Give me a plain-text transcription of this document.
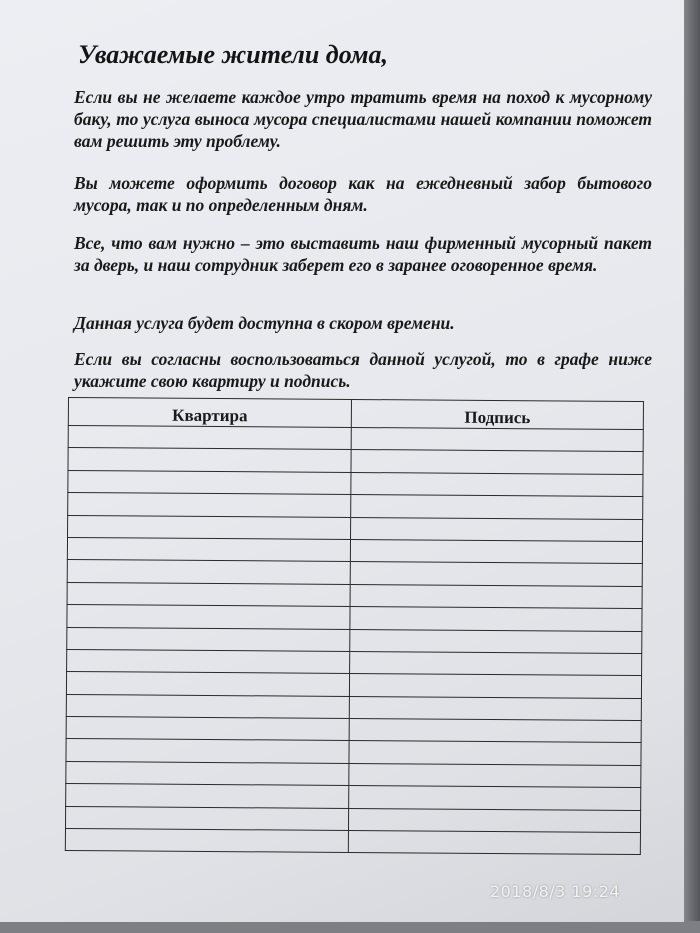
Уважаемые жители дома,

Если вы не желаете каждое утро тратить время на поход к мусорному баку, то услуга выноса мусора специалистами нашей компании поможет вам решить эту проблему.

Вы можете оформить договор как на ежедневный забор бытового мусора, так и по определенным дням.

Все, что вам нужно – это выставить наш фирменный мусорный пакет за дверь, и наш сотрудник заберет его в заранее оговоренное время.

Данная услуга будет доступна в скором времени.

Если вы согласны воспользоваться данной услугой, то в графе ниже укажите свою квартиру и подпись.

Квартира	Подпись

2018/8/3 19:24
